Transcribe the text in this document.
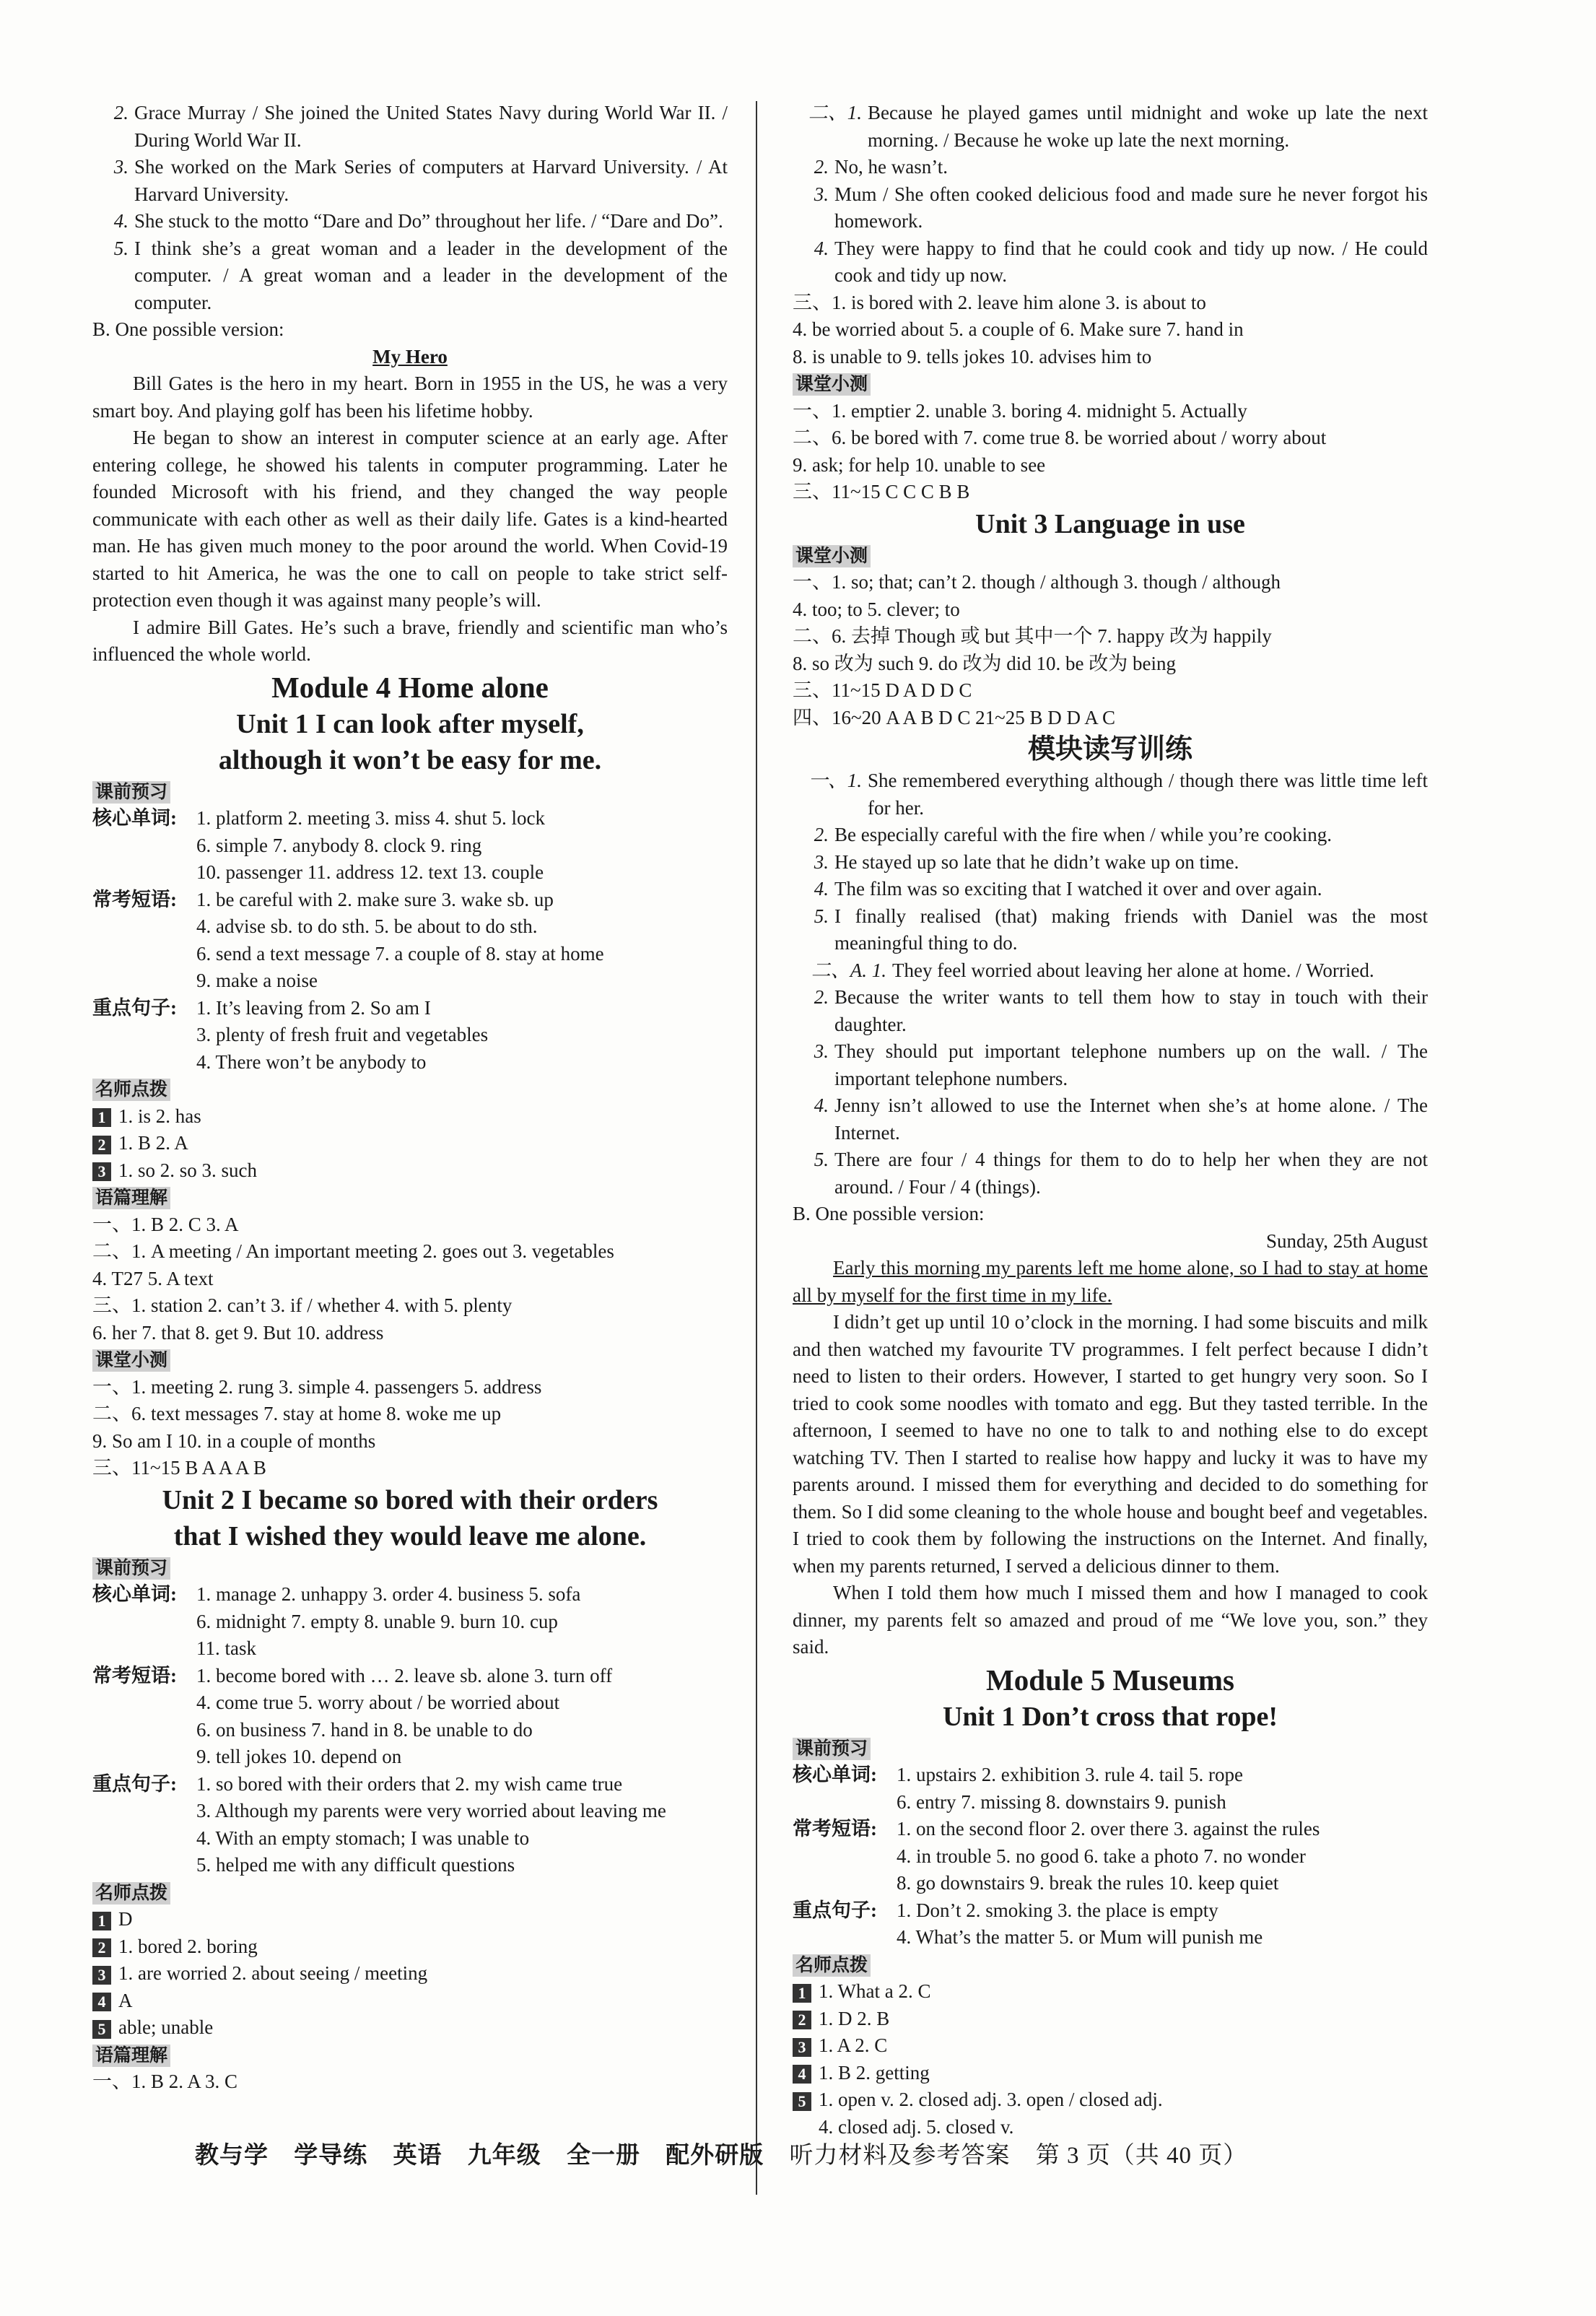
2. Grace Murray / She joined the United States Navy during World War II. / During World War II.
3. She worked on the Mark Series of computers at Harvard University. / At Harvard University.
4. She stuck to the motto “Dare and Do” throughout her life. / “Dare and Do”.
5. I think she’s a great woman and a leader in the development of the computer. / A great woman and a leader in the development of the computer.
B. One possible version:
My Hero
Bill Gates is the hero in my heart. Born in 1955 in the US, he was a very smart boy. And playing golf has been his lifetime hobby.
He began to show an interest in computer science at an early age. After entering college, he showed his talents in computer programming. Later he founded Microsoft with his friend, and they changed the way people communicate with each other as well as their daily life. Gates is a kind-hearted man. He has given much money to the poor around the world. When Covid-19 started to hit America, he was the one to call on people to take strict self-protection even though it was against many people’s will.
I admire Bill Gates. He’s such a brave, friendly and scientific man who’s influenced the whole world.
Module 4 Home alone
Unit 1 I can look after myself,
although it won’t be easy for me.
课前预习
核心单词:	1. platform 2. meeting 3. miss 4. shut 5. lock
6. simple 7. anybody 8. clock 9. ring
10. passenger 11. address 12. text 13. couple
常考短语:	1. be careful with 2. make sure 3. wake sb. up
4. advise sb. to do sth. 5. be about to do sth.
6. send a text message 7. a couple of 8. stay at home
9. make a noise
重点句子:	1. It’s leaving from 2. So am I
3. plenty of fresh fruit and vegetables
4. There won’t be anybody to
名师点拨
1 1. is 2. has
2 1. B 2. A
3 1. so 2. so 3. such
语篇理解
一、1. B 2. C 3. A
二、1. A meeting / An important meeting 2. goes out 3. vegetables
4. T27 5. A text
三、1. station 2. can’t 3. if / whether 4. with 5. plenty
6. her 7. that 8. get 9. But 10. address
课堂小测
一、1. meeting 2. rung 3. simple 4. passengers 5. address
二、6. text messages 7. stay at home 8. woke me up
9. So am I 10. in a couple of months
三、11~15 B A A A B
Unit 2 I became so bored with their orders
that I wished they would leave me alone.
课前预习
核心单词:	1. manage 2. unhappy 3. order 4. business 5. sofa
6. midnight 7. empty 8. unable 9. burn 10. cup
11. task
常考短语:	1. become bored with … 2. leave sb. alone 3. turn off
4. come true 5. worry about / be worried about
6. on business 7. hand in 8. be unable to do
9. tell jokes 10. depend on
重点句子:	1. so bored with their orders that 2. my wish came true
3. Although my parents were very worried about leaving me
4. With an empty stomach; I was unable to
5. helped me with any difficult questions
名师点拨
1 D
2 1. bored 2. boring
3 1. are worried 2. about seeing / meeting
4 A
5 able; unable
语篇理解
一、1. B 2. A 3. C
二、1. Because he played games until midnight and woke up late the next morning. / Because he woke up late the next morning.
2. No, he wasn’t.
3. Mum / She often cooked delicious food and made sure he never forgot his homework.
4. They were happy to find that he could cook and tidy up now. / He could cook and tidy up now.
三、1. is bored with 2. leave him alone 3. is about to
4. be worried about 5. a couple of 6. Make sure 7. hand in
8. is unable to 9. tells jokes 10. advises him to
课堂小测
一、1. emptier 2. unable 3. boring 4. midnight 5. Actually
二、6. be bored with 7. come true 8. be worried about / worry about
9. ask; for help 10. unable to see
三、11~15 C C C B B
Unit 3 Language in use
课堂小测
一、1. so; that; can’t 2. though / although 3. though / although
4. too; to 5. clever; to
二、6. 去掉 Though 或 but 其中一个 7. happy 改为 happily
8. so 改为 such 9. do 改为 did 10. be 改为 being
三、11~15 D A D D C
四、16~20 A A B D C 21~25 B D D A C
模块读写训练
一、1. She remembered everything although / though there was little time left for her.
2. Be especially careful with the fire when / while you’re cooking.
3. He stayed up so late that he didn’t wake up on time.
4. The film was so exciting that I watched it over and over again.
5. I finally realised (that) making friends with Daniel was the most meaningful thing to do.
二、A. 1. They feel worried about leaving her alone at home. / Worried.
2. Because the writer wants to tell them how to stay in touch with their daughter.
3. They should put important telephone numbers up on the wall. / The important telephone numbers.
4. Jenny isn’t allowed to use the Internet when she’s at home alone. / The Internet.
5. There are four / 4 things for them to do to help her when they are not around. / Four / 4 (things).
B. One possible version:
Sunday, 25th August
Early this morning my parents left me home alone, so I had to stay at home all by myself for the first time in my life.
I didn’t get up until 10 o’clock in the morning. I had some biscuits and milk and then watched my favourite TV programmes. I felt perfect because I didn’t need to listen to their orders. However, I started to get hungry very soon. So I tried to cook some noodles with tomato and egg. But they tasted terrible. In the afternoon, I seemed to have no one to talk to and nothing else to do except watching TV. Then I started to realise how happy and lucky it was to have my parents around. I missed them for everything and decided to do something for them. So I did some cleaning to the whole house and bought beef and vegetables. I tried to cook them by following the instructions on the Internet. And finally, when my parents returned, I served a delicious dinner to them.
When I told them how much I missed them and how I managed to cook dinner, my parents felt so amazed and proud of me “We love you, son.” they said.
Module 5 Museums
Unit 1 Don’t cross that rope!
课前预习
核心单词:	1. upstairs 2. exhibition 3. rule 4. tail 5. rope
6. entry 7. missing 8. downstairs 9. punish
常考短语:	1. on the second floor 2. over there 3. against the rules
4. in trouble 5. no good 6. take a photo 7. no wonder
8. go downstairs 9. break the rules 10. keep quiet
重点句子:	1. Don’t 2. smoking 3. the place is empty
4. What’s the matter 5. or Mum will punish me
名师点拨
1 1. What a 2. C
2 1. D 2. B
3 1. A 2. C
4 1. B 2. getting
5 1. open v. 2. closed adj. 3. open / closed adj.
4. closed adj. 5. closed v.
教与学 学导练 英语 九年级 全一册 配外研版 听力材料及参考答案 第 3 页（共 40 页）
